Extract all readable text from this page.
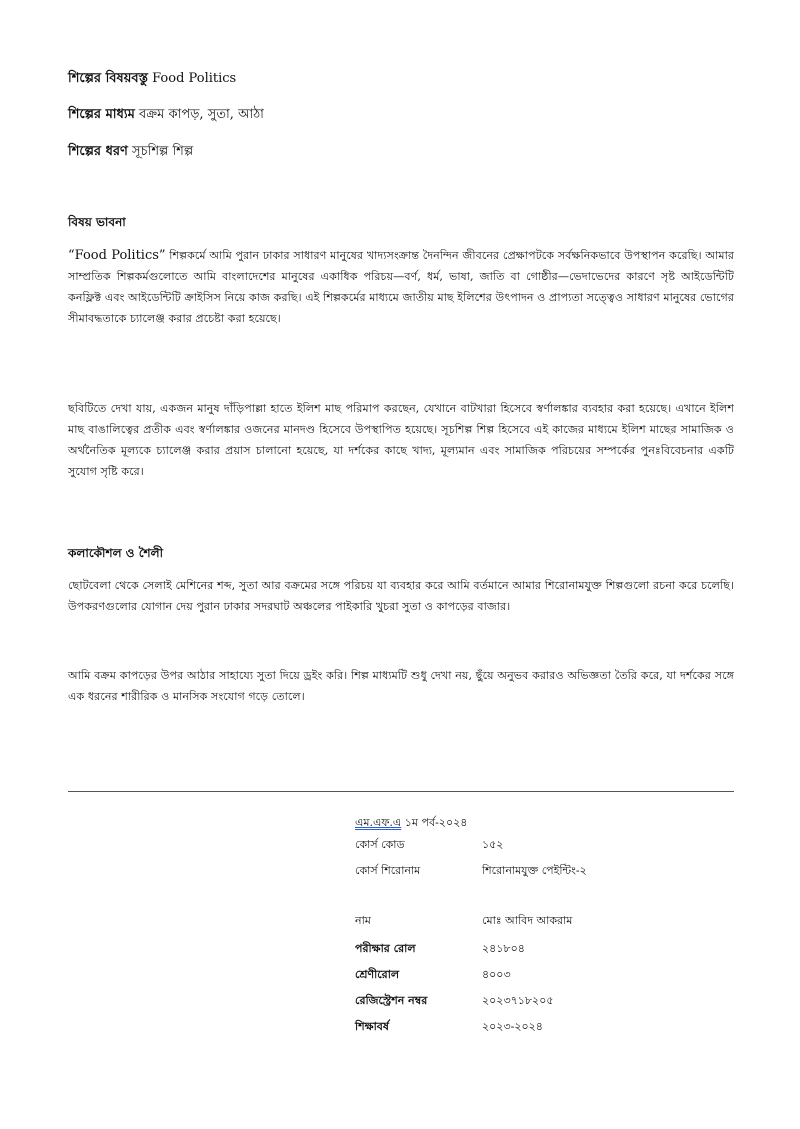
শিল্পের বিষয়বস্তু Food Politics
শিল্পের মাধ্যম বক্রম কাপড়, সুতা, আঠা
শিল্পের ধরণ সূচশিল্প শিল্প
বিষয় ভাবনা
“Food Politics” শিল্পকর্মে আমি পুরান ঢাকার সাধারণ মানুষের খাদ্যসংক্রান্ত দৈনন্দিন জীবনের প্রেক্ষাপটকে সর্বক্ষনিকভাবে উপস্থাপন করেছি। আমার সাম্প্রতিক শিল্পকর্মগুলোতে আমি বাংলাদেশের মানুষের একাধিক পরিচয়—বর্ণ, ধর্ম, ভাষা, জাতি বা গোষ্ঠীর—ভেদাভেদের কারণে সৃষ্ট আইডেন্টিটি কনফ্লিক্ট এবং আইডেন্টিটি ক্রাইসিস নিয়ে কাজ করছি। এই শিল্পকর্মের মাধ্যমে জাতীয় মাছ ইলিশের উৎপাদন ও প্রাপ্যতা সত্ত্বেও সাধারণ মানুষের ভোগের সীমাবদ্ধতাকে চ্যালেঞ্জ করার প্রচেষ্টা করা হয়েছে।
ছবিটিতে দেখা যায়, একজন মানুষ দাঁড়িপাল্লা হাতে ইলিশ মাছ পরিমাপ করছেন, যেখানে বাটখারা হিসেবে স্বর্ণালঙ্কার ব্যবহার করা হয়েছে। এখানে ইলিশ মাছ বাঙালিত্বের প্রতীক এবং স্বর্ণালঙ্কার ওজনের মানদণ্ড হিসেবে উপস্থাপিত হয়েছে। সূচশিল্প শিল্প হিসেবে এই কাজের মাধ্যমে ইলিশ মাছের সামাজিক ও অর্থনৈতিক মূল্যকে চ্যালেঞ্জ করার প্রয়াস চালানো হয়েছে, যা দর্শকের কাছে খাদ্য, মূল্যমান এবং সামাজিক পরিচয়ের সম্পর্কের পুনঃবিবেচনার একটি সুযোগ সৃষ্টি করে।
কলাকৌশল ও শৈলী
ছোটবেলা থেকে সেলাই মেশিনের শব্দ, সুতা আর বক্রমের সঙ্গে পরিচয় যা ব্যবহার করে আমি বর্তমানে আমার শিরোনামযুক্ত শিল্পগুলো রচনা করে চলেছি। উপকরণগুলোর যোগান দেয় পুরান ঢাকার সদরঘাট অঞ্চলের পাইকারি খুচরা সুতা ও কাপড়ের বাজার।
আমি বক্রম কাপড়ের উপর আঠার সাহায্যে সুতা দিয়ে ড্রইং করি। শিল্প মাধ্যমটি শুধু দেখা নয়, ছুঁয়ে অনুভব করারও অভিজ্ঞতা তৈরি করে, যা দর্শকের সঙ্গে এক ধরনের শারীরিক ও মানসিক সংযোগ গড়ে তোলে।
এম.এফ.এ ১ম পর্ব-২০২৪
কোর্স কোড	১৫২
কোর্স শিরোনাম	শিরোনামযুক্ত পেইন্টিং-২
নাম	মোঃ আবিদ আকরাম
পরীক্ষার রোল	২৪১৮০৪
শ্রেণীরোল	৪০০৩
রেজিস্ট্রেশন নম্বর	২০২৩৭১৮২০৫
শিক্ষাবর্ষ	২০২৩-২০২৪
